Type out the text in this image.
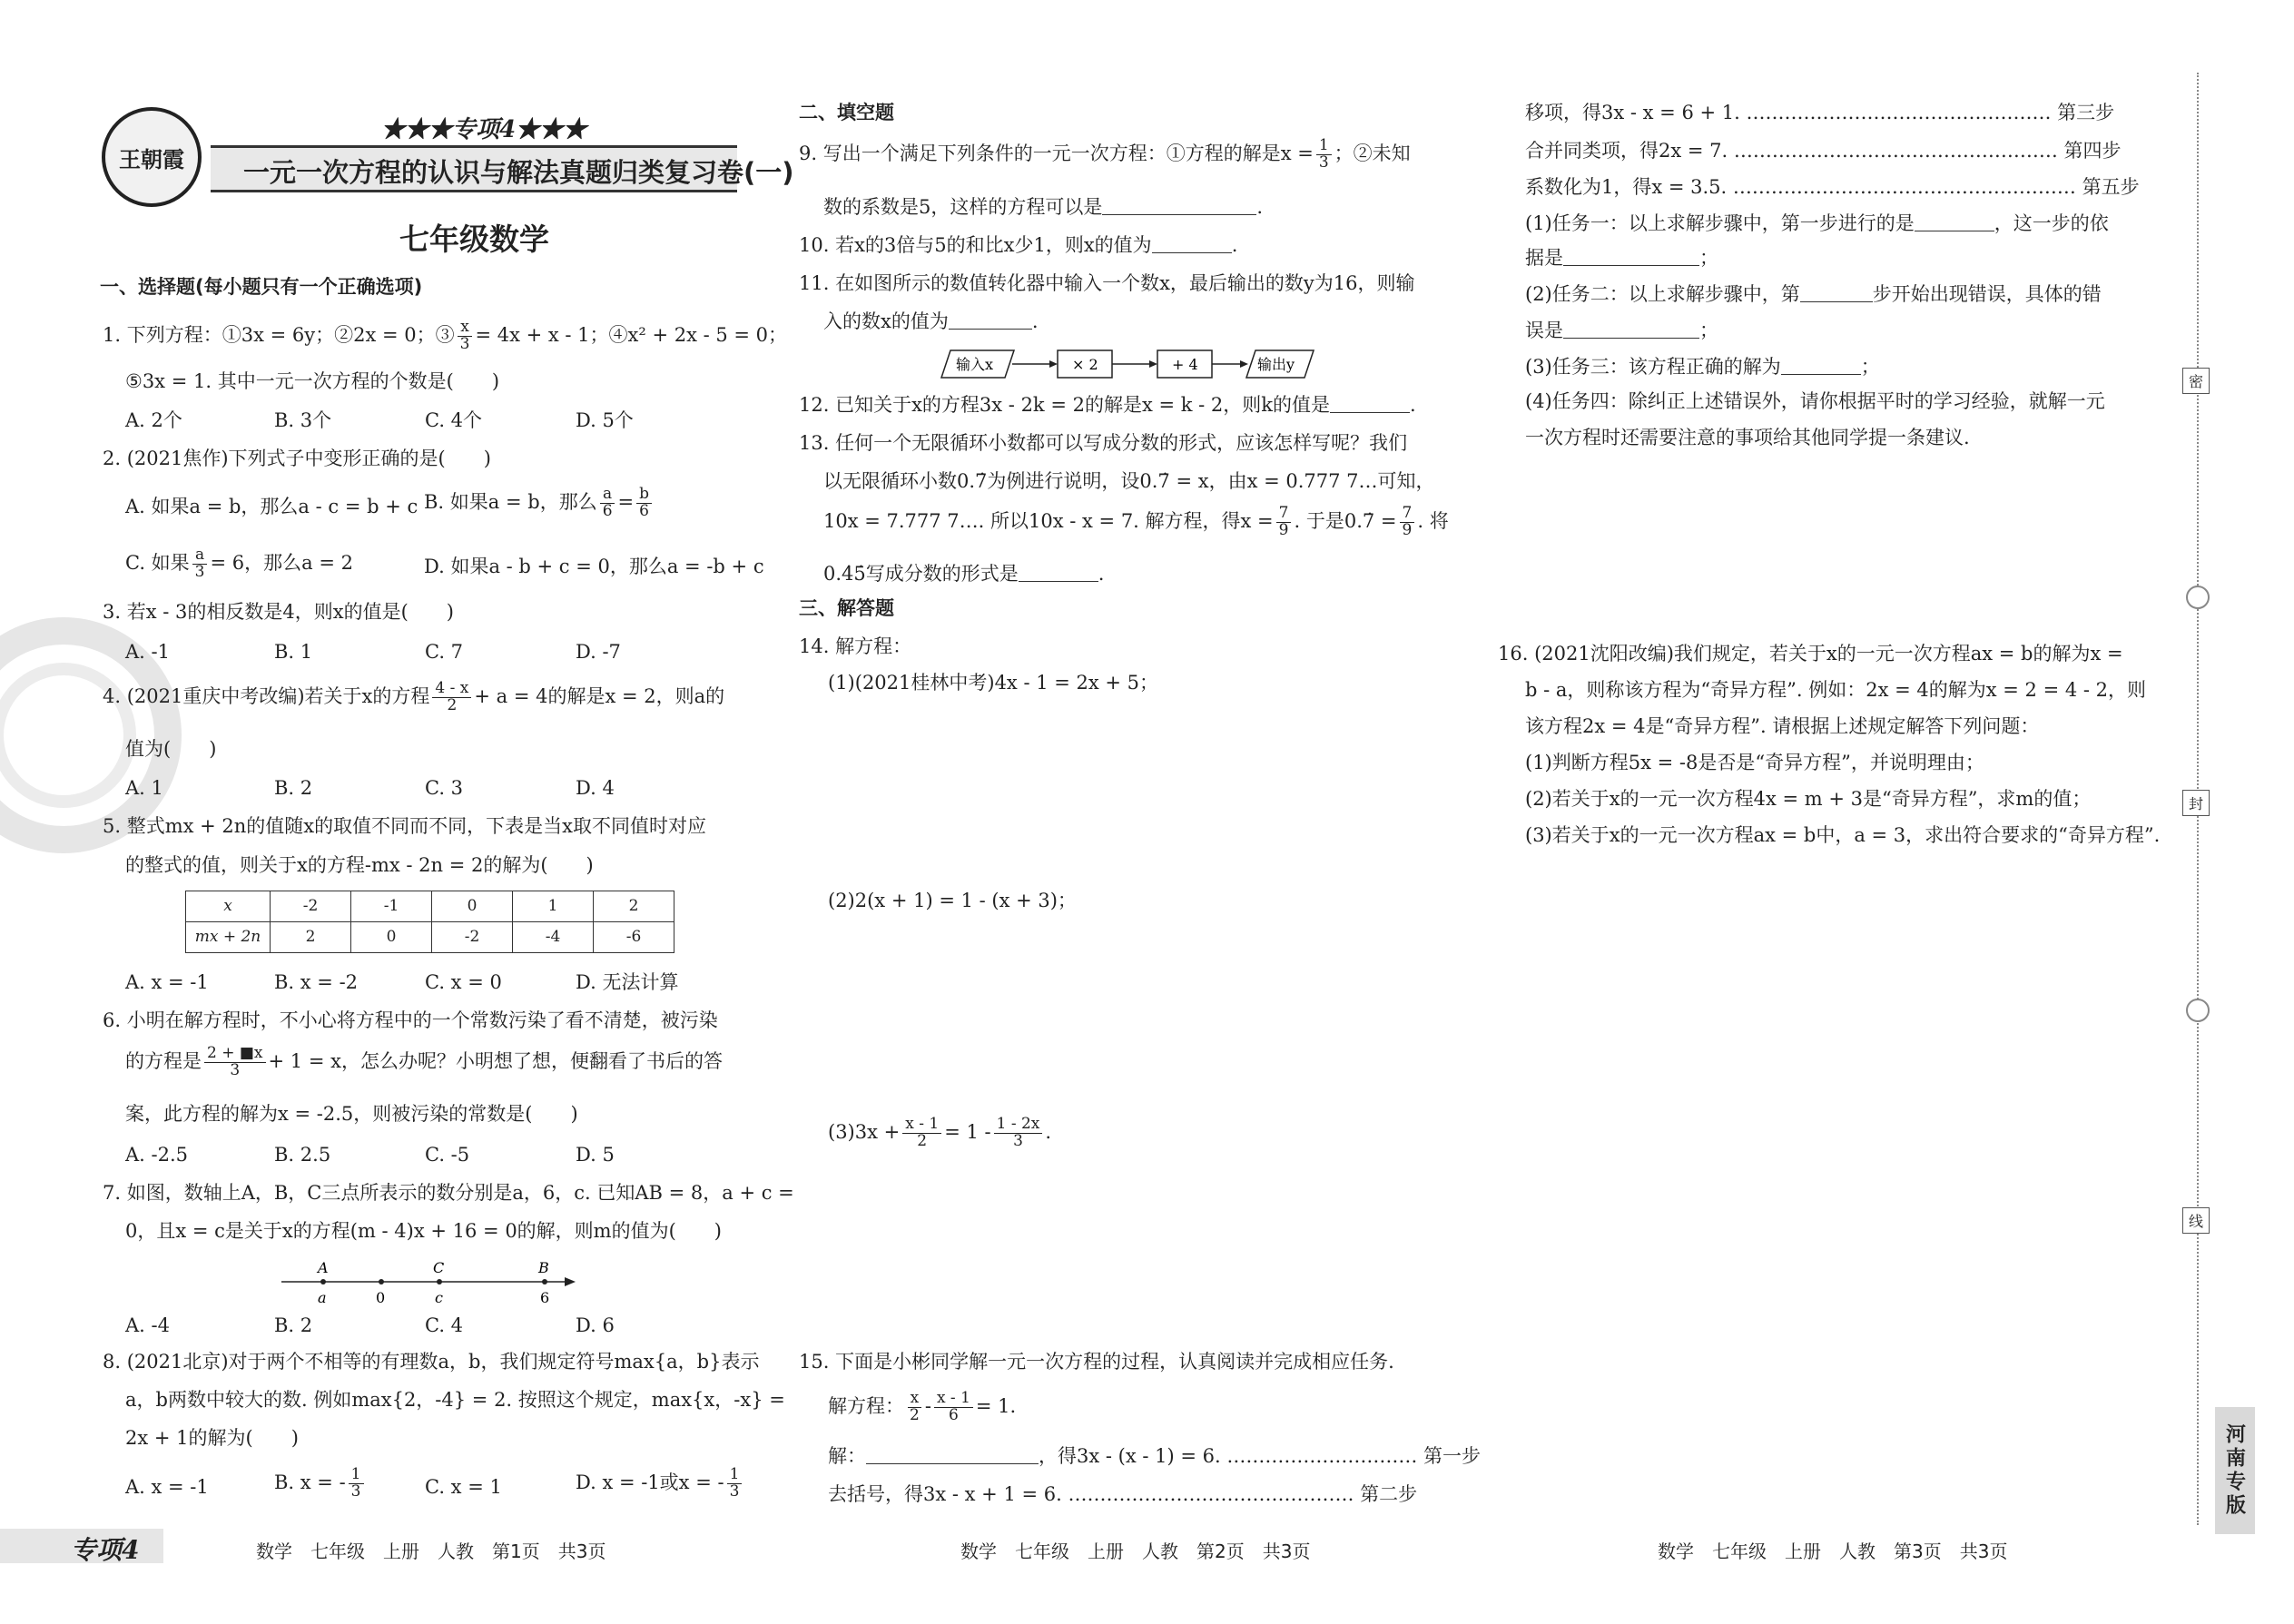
王朝霞
★★★专项4★★★
一元一次方程的认识与解法真题归类复习卷(一)
七年级数学
一、选择题(每小题只有一个正确选项)
1. 下列方程：①3x = 6y；②2x = 0；③ $\frac{x}{3} = 4x + x - 1$；④x² + 2x - 5 = 0；
⑤3x = 1. 其中一元一次方程的个数是(　　)
A. 2个	B. 3个	C. 4个	D. 5个
2. (2021焦作)下列式子中变形正确的是(　　)
A. 如果a = b，那么a - c = b + c B. 如果a = b，那么 $\frac{a}{6} = \frac{b}{6}$
C. 如果 $\frac{a}{3} = 6$，那么a = 2	D. 如果a - b + c = 0，那么a = -b + c
3. 若x - 3的相反数是4，则x的值是(　　)
A. -1	B. 1	C. 7	D. -7
4. (2021重庆中考改编)若关于x的方程 $\frac{4 - x}{2} + a = 4$的解是x = 2，则a的
值为(　　)
A. 1	B. 2	C. 3	D. 4
5. 整式mx + 2n的值随x的取值不同而不同，下表是当x取不同值时对应
的整式的值，则关于x的方程-mx - 2n = 2的解为(　　)
x	-2	-1	0	1	2
mx + 2n	2	0	-2	-4	-6
A. x = -1	B. x = -2	C. x = 0	D. 无法计算
6. 小明在解方程时，不小心将方程中的一个常数污染了看不清楚，被污染
的方程是 $\frac{2 + ■x}{3} + 1 = x$，怎么办呢？小明想了想，便翻看了书后的答
案，此方程的解为x = -2.5，则被污染的常数是(　　)
A. -2.5	B. 2.5	C. -5	D. 5
7. 如图，数轴上A，B，C三点所表示的数分别是a，6，c. 已知AB = 8，a + c =
0，且x = c是关于x的方程(m - 4)x + 16 = 0的解，则m的值为(　　)
A
a	0
C
c
B
6
A. -4	B. 2	C. 4	D. 6
8. (2021北京)对于两个不相等的有理数a，b，我们规定符号max{a，b}表示
a，b两数中较大的数. 例如max{2，-4} = 2. 按照这个规定，max{x，-x} =
2x + 1的解为(　　)
A. x = -1	B. x = - $\frac{1}{3}$	C. x = 1	D. x = -1或x = - $\frac{1}{3}$
二、填空题
9. 写出一个满足下列条件的一元一次方程：①方程的解是$x = \frac{1}{3}$ ；②未知
数的系数是5，这样的方程可以是	.
10. 若x的3倍与5的和比x少1，则x的值为	.
11. 在如图所示的数值转化器中输入一个数x，最后输出的数y为16，则输
入的数x的值为	.
输入x	× 2	+ 4	输出y
12. 已知关于x的方程3x - 2k = 2的解是x = k - 2，则k的值是	.
13. 任何一个无限循环小数都可以写成分数的形式，应该怎样写呢？我们
以无限循环小数0.7̇为例进行说明，设0.7̇ = x，由x = 0.777 7…可知，
10x = 7.777 7…. 所以10x - x = 7. 解方程，得$x = \frac{7}{9}$ . 于是0.7̇ = $\frac{7}{9}$ . 将
0.4̇5̇写成分数的形式是	.
三、解答题
14. 解方程：
(1)(2021桂林中考)4x - 1 = 2x + 5；
(2)2(x + 1) = 1 - (x + 3)；
$(3)3x + \frac{x - 1}{2} = 1 - \frac{1 - 2x}{3}$ .
15. 下面是小彬同学解一元一次方程的过程，认真阅读并完成相应任务.
解方程： $\frac{x}{2} - \frac{x - 1}{6} = 1$.
解：	，得3x - (x - 1) = 6. ………………………… 第一步
去括号，得3x - x + 1 = 6. ……………………………………… 第二步
移项，得3x - x = 6 + 1. ………………………………………… 第三步
合并同类项，得2x = 7. …………………………………………… 第四步
系数化为1，得x = 3.5. ……………………………………………… 第五步
(1)任务一：以上求解步骤中，第一步进行的是	，这一步的依
据是	；
(2)任务二：以上求解步骤中，第	步开始出现错误，具体的错
误是	；
(3)任务三：该方程正确的解为	；
(4)任务四：除纠正上述错误外，请你根据平时的学习经验，就解一元
一次方程时还需要注意的事项给其他同学提一条建议.
16. (2021沈阳改编)我们规定，若关于x的一元一次方程ax = b的解为x =
b - a，则称该方程为“奇异方程”. 例如：2x = 4的解为x = 2 = 4 - 2，则
该方程2x = 4是“奇异方程”. 请根据上述规定解答下列问题：
(1)判断方程5x = -8是否是“奇异方程”，并说明理由；
(2)若关于x的一元一次方程4x = m + 3是“奇异方程”，求m的值；
(3)若关于x的一元一次方程ax = b中，a = 3，求出符合要求的“奇异方程”.
密
封
线
河南专版
专项4	数学　七年级　上册　人教　第1页　共3页	数学　七年级　上册　人教　第2页　共3页	数学　七年级　上册　人教　第3页　共3页
